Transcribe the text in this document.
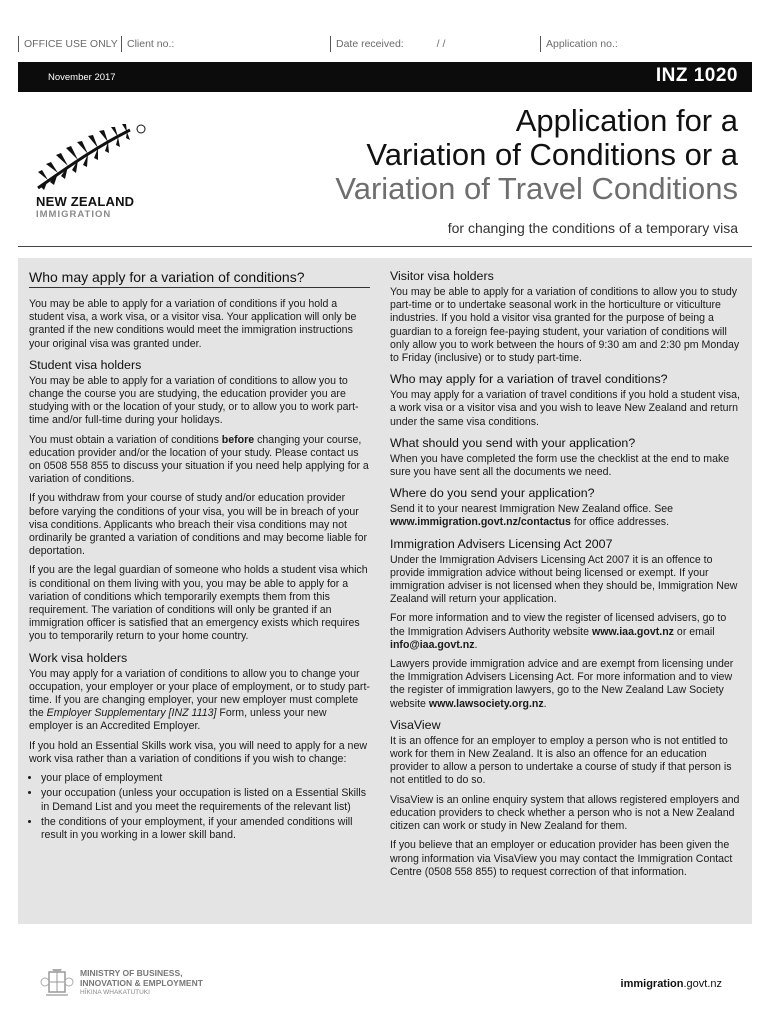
OFFICE USE ONLY Client no.:	Date received:	/ /	Application no.:
November 2017	INZ 1020
NEW ZEALAND
IMMIGRATION
Application for a
Variation of Conditions or a
Variation of Travel Conditions
for changing the conditions of a temporary visa
Who may apply for a variation of conditions?

You may be able to apply for a variation of conditions if you hold a student visa, a work visa, or a visitor visa. Your application will only be granted if the new conditions would meet the immigration instructions your original visa was granted under.

Student visa holders

You may be able to apply for a variation of conditions to allow you to change the course you are studying, the education provider you are studying with or the location of your study, or to allow you to work part-time and/or full-time during your holidays.

You must obtain a variation of conditions before changing your course, education provider and/or the location of your study. Please contact us on 0508 558 855 to discuss your situation if you need help applying for a variation of conditions.

If you withdraw from your course of study and/or education provider before varying the conditions of your visa, you will be in breach of your visa conditions. Applicants who breach their visa conditions may not ordinarily be granted a variation of conditions and may become liable for deportation.

If you are the legal guardian of someone who holds a student visa which is conditional on them living with you, you may be able to apply for a variation of conditions which temporarily exempts them from this requirement. The variation of conditions will only be granted if an immigration officer is satisfied that an emergency exists which requires you to temporarily return to your home country.

Work visa holders

You may apply for a variation of conditions to allow you to change your occupation, your employer or your place of employment, or to study part-time. If you are changing employer, your new employer must complete the Employer Supplementary [INZ 1113] Form, unless your new employer is an Accredited Employer.

If you hold an Essential Skills work visa, you will need to apply for a new work visa rather than a variation of conditions if you wish to change:

• your place of employment
• your occupation (unless your occupation is listed on a Essential Skills in Demand List and you meet the requirements of the relevant list)
• the conditions of your employment, if your amended conditions will result in you working in a lower skill band.
Visitor visa holders

You may be able to apply for a variation of conditions to allow you to study part-time or to undertake seasonal work in the horticulture or viticulture industries. If you hold a visitor visa granted for the purpose of being a guardian to a foreign fee-paying student, your variation of conditions will only allow you to work between the hours of 9:30 am and 2:30 pm Monday to Friday (inclusive) or to study part-time.

Who may apply for a variation of travel conditions?

You may apply for a variation of travel conditions if you hold a student visa, a work visa or a visitor visa and you wish to leave New Zealand and return under the same visa conditions.

What should you send with your application?

When you have completed the form use the checklist at the end to make sure you have sent all the documents we need.

Where do you send your application?

Send it to your nearest Immigration New Zealand office. See www.immigration.govt.nz/contactus for office addresses.

Immigration Advisers Licensing Act 2007

Under the Immigration Advisers Licensing Act 2007 it is an offence to provide immigration advice without being licensed or exempt. If your immigration adviser is not licensed when they should be, Immigration New Zealand will return your application.

For more information and to view the register of licensed advisers, go to the Immigration Advisers Authority website www.iaa.govt.nz or email info@iaa.govt.nz.

Lawyers provide immigration advice and are exempt from licensing under the Immigration Advisers Licensing Act. For more information and to view the register of immigration lawyers, go to the New Zealand Law Society website www.lawsociety.org.nz.

VisaView

It is an offence for an employer to employ a person who is not entitled to work for them in New Zealand. It is also an offence for an education provider to allow a person to undertake a course of study if that person is not entitled to do so.

VisaView is an online enquiry system that allows registered employers and education providers to check whether a person who is not a New Zealand citizen can work or study in New Zealand for them.

If you believe that an employer or education provider has been given the wrong information via VisaView you may contact the Immigration Contact Centre (0508 558 855) to request correction of that information.

MINISTRY OF BUSINESS,
INNOVATION & EMPLOYMENT
HĪKINA WHAKATUTUKI
immigration.govt.nz
